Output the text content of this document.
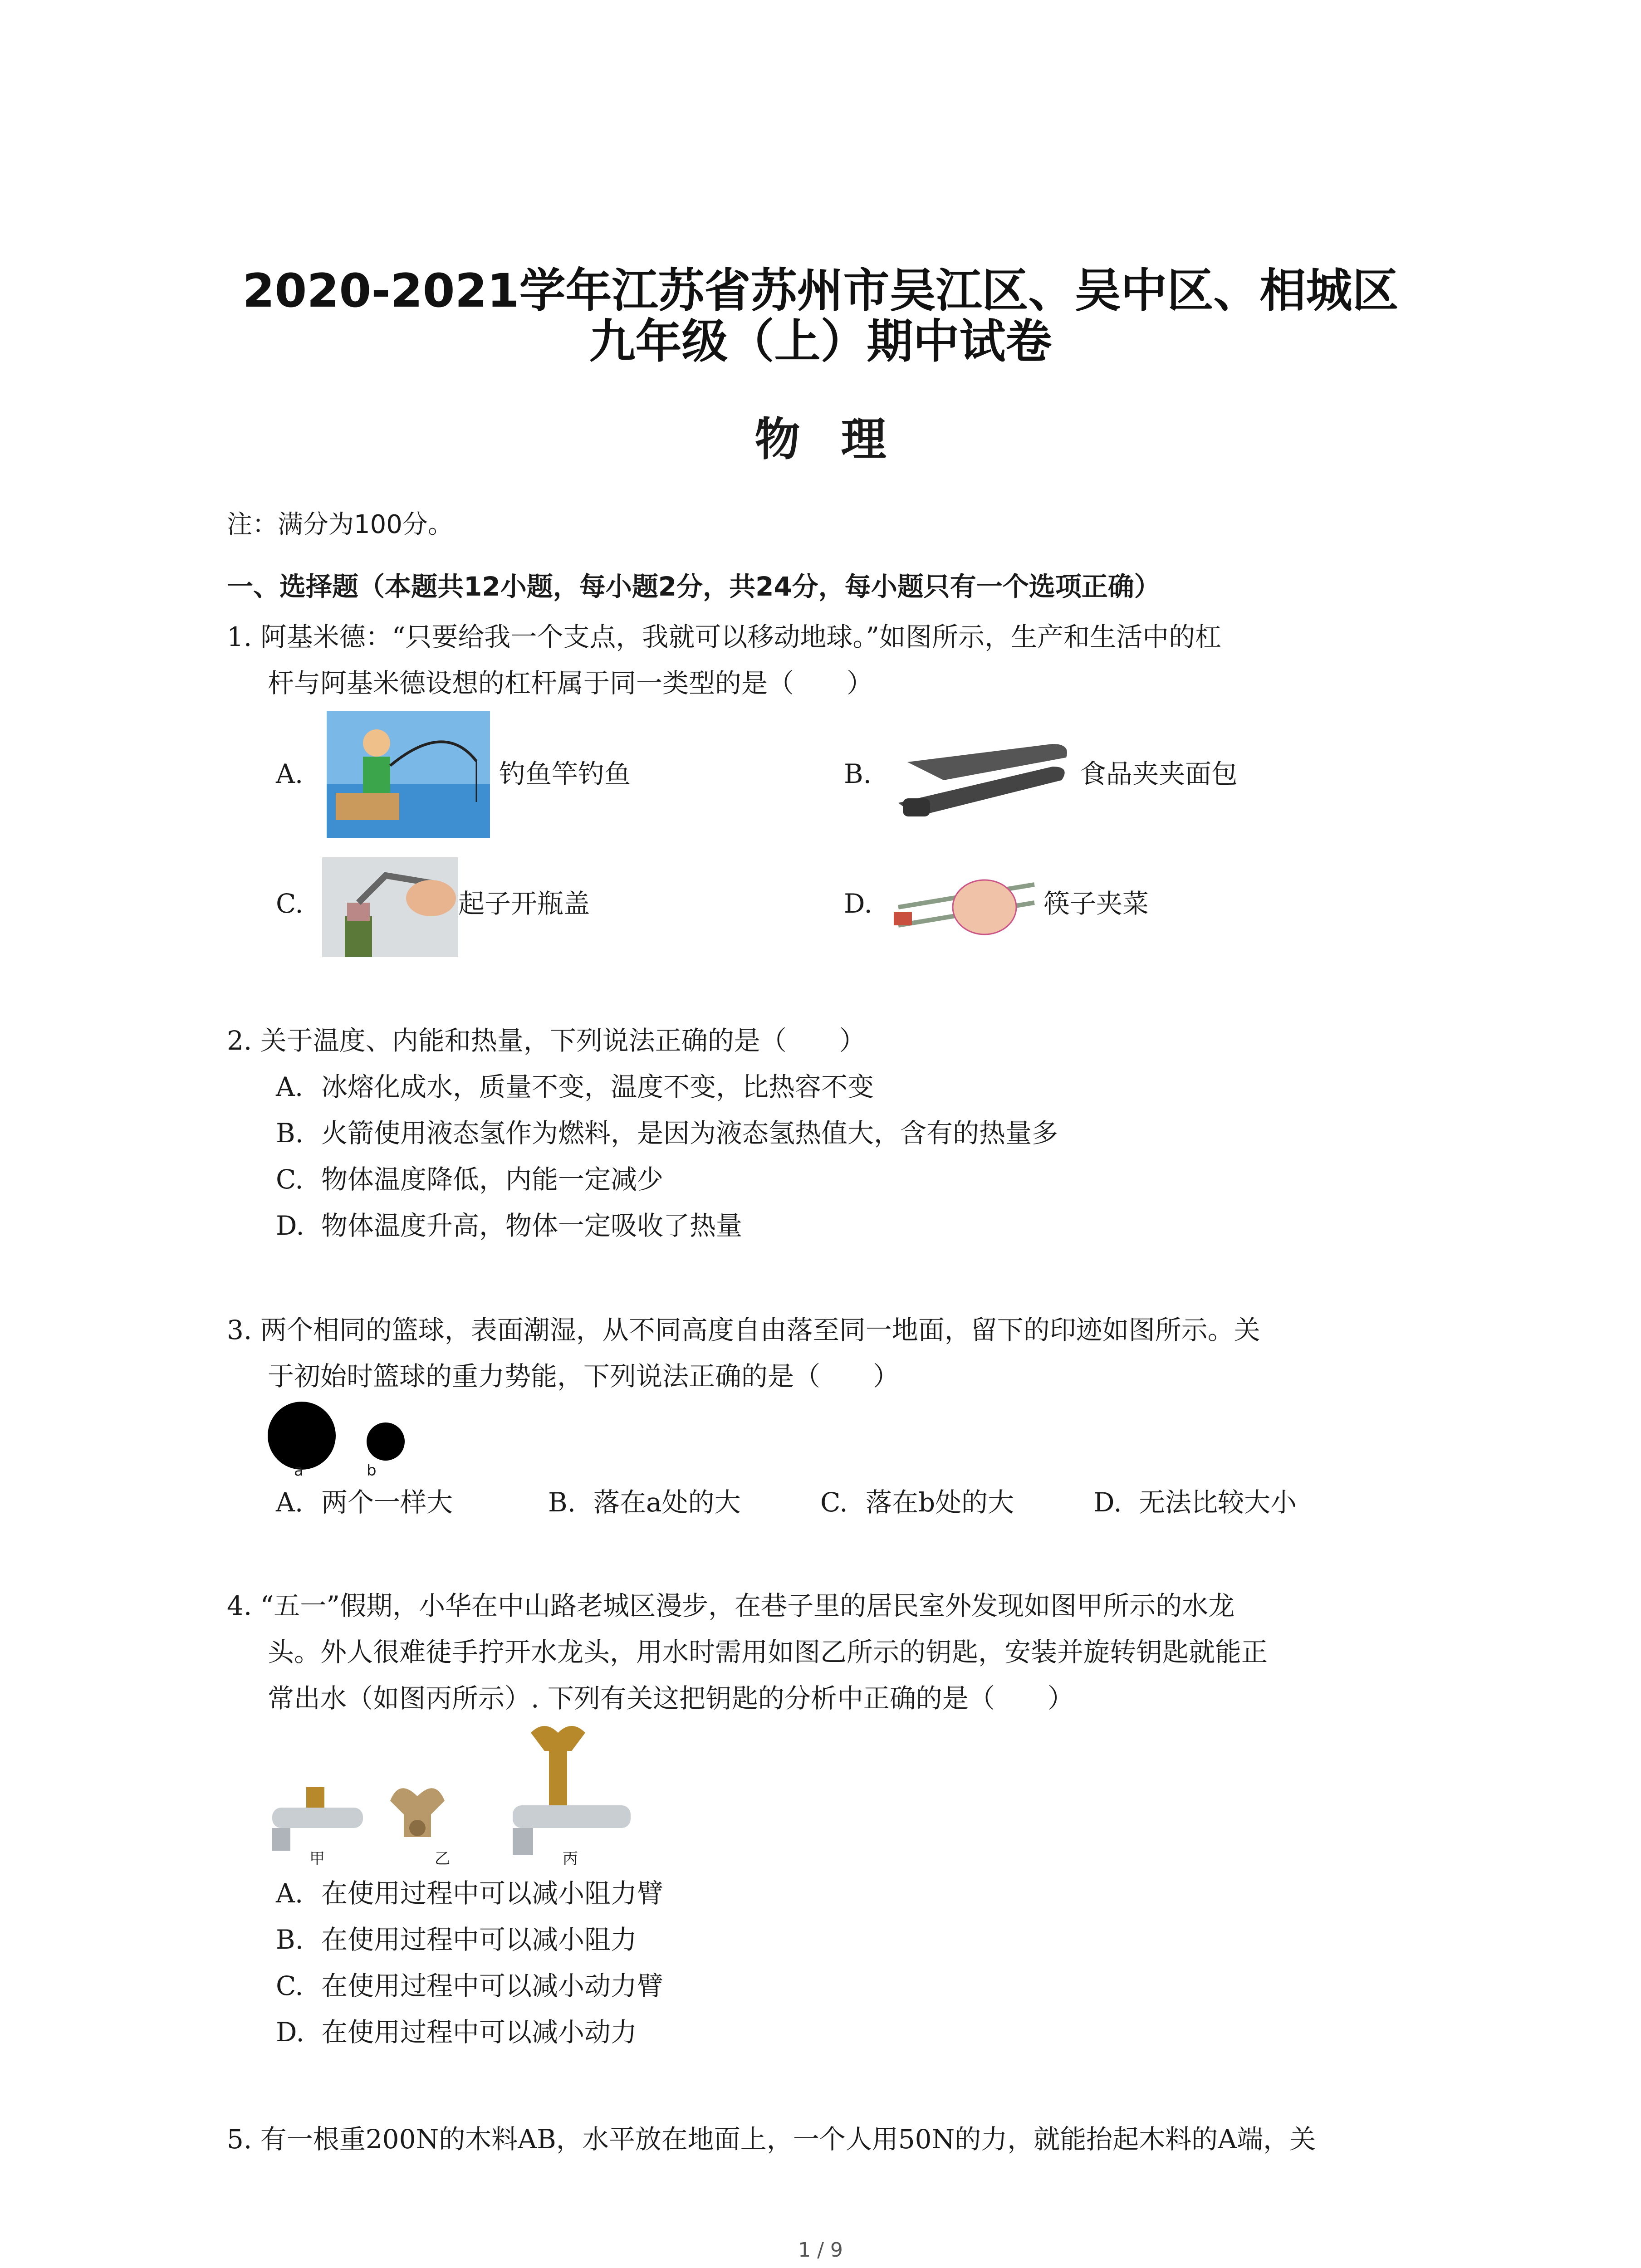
2020-2021学年江苏省苏州市吴江区、吴中区、相城区
九年级（上）期中试卷
物理
注：满分为100分。
一、选择题（本题共12小题，每小题2分，共24分，每小题只有一个选项正确）
1. 阿基米德：“只要给我一个支点，我就可以移动地球。”如图所示，生产和生活中的杠
杆与阿基米德设想的杠杆属于同一类型的是（　　）
A.	钓鱼竿钓鱼	B.	食品夹夹面包
C.	起子开瓶盖	D.	筷子夹菜
2. 关于温度、内能和热量，下列说法正确的是（　　）
A. 冰熔化成水，质量不变，温度不变，比热容不变
B. 火箭使用液态氢作为燃料，是因为液态氢热值大，含有的热量多
C. 物体温度降低，内能一定减少
D. 物体温度升高，物体一定吸收了热量
3. 两个相同的篮球，表面潮湿，从不同高度自由落至同一地面，留下的印迹如图所示。关
于初始时篮球的重力势能，下列说法正确的是（　　）
a	b
A. 两个一样大	B. 落在a处的大	C. 落在b处的大	D. 无法比较大小
4. “五一”假期，小华在中山路老城区漫步，在巷子里的居民室外发现如图甲所示的水龙
头。外人很难徒手拧开水龙头，用水时需用如图乙所示的钥匙，安装并旋转钥匙就能正
常出水（如图丙所示）. 下列有关这把钥匙的分析中正确的是（　　）
甲	乙	丙
A. 在使用过程中可以减小阻力臂
B. 在使用过程中可以减小阻力
C. 在使用过程中可以减小动力臂
D. 在使用过程中可以减小动力
5. 有一根重200N的木料AB，水平放在地面上，一个人用50N的力，就能抬起木料的A端，关
1 / 9
